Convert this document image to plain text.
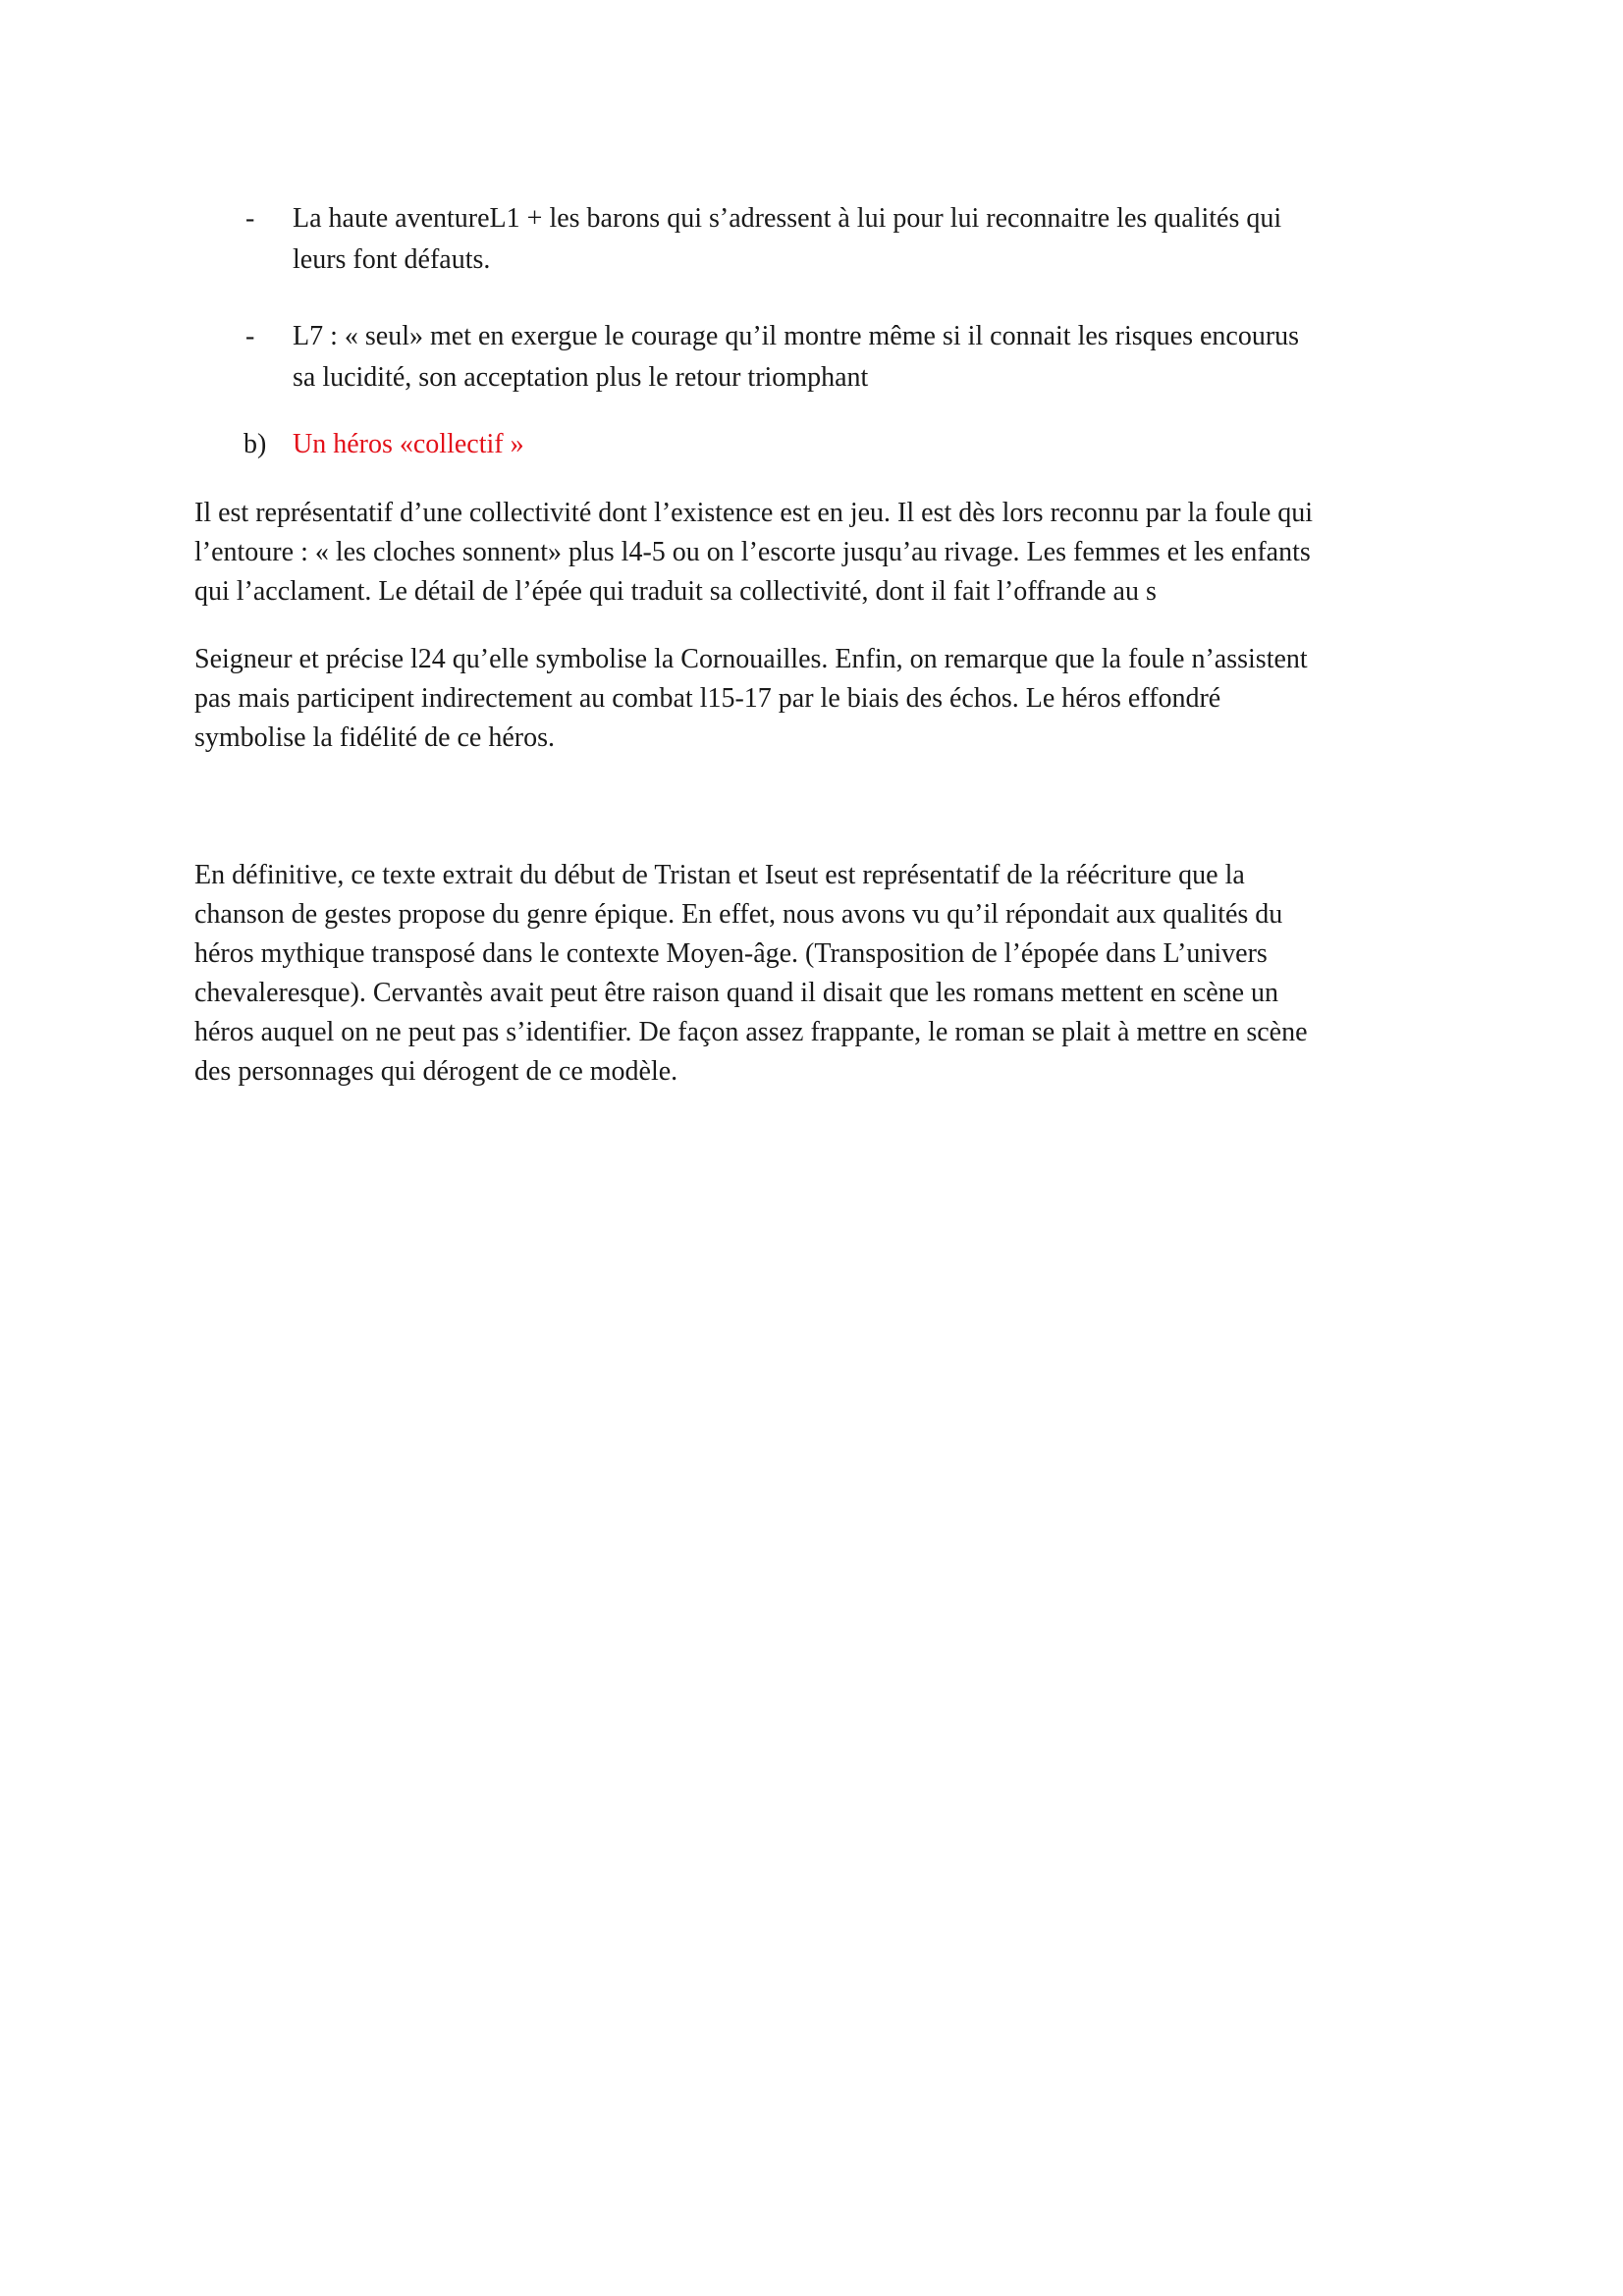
- La haute aventureL1 + les barons qui s’adressent à lui pour lui reconnaitre les qualités qui
leurs font défauts.
- L7 : « seul» met en exergue le courage qu’il montre même si il connait les risques encourus
sa lucidité, son acceptation plus le retour triomphant
b) Un héros «collectif »
Il est représentatif d’une collectivité dont l’existence est en jeu. Il est dès lors reconnu par la foule qui
l’entoure : « les cloches sonnent» plus l4-5 ou on l’escorte jusqu’au rivage. Les femmes et les enfants
qui l’acclament. Le détail de l’épée qui traduit sa collectivité, dont il fait l’offrande au s
Seigneur et précise l24 qu’elle symbolise la Cornouailles. Enfin, on remarque que la foule n’assistent
pas mais participent indirectement au combat l15-17 par le biais des échos. Le héros effondré
symbolise la fidélité de ce héros.
En définitive, ce texte extrait du début de Tristan et Iseut est représentatif de la réécriture que la
chanson de gestes propose du genre épique. En effet, nous avons vu qu’il répondait aux qualités du
héros mythique transposé dans le contexte Moyen-âge. (Transposition de l’épopée dans L’univers
chevaleresque). Cervantès avait peut être raison quand il disait que les romans mettent en scène un
héros auquel on ne peut pas s’identifier. De façon assez frappante, le roman se plait à mettre en scène
des personnages qui dérogent de ce modèle.
